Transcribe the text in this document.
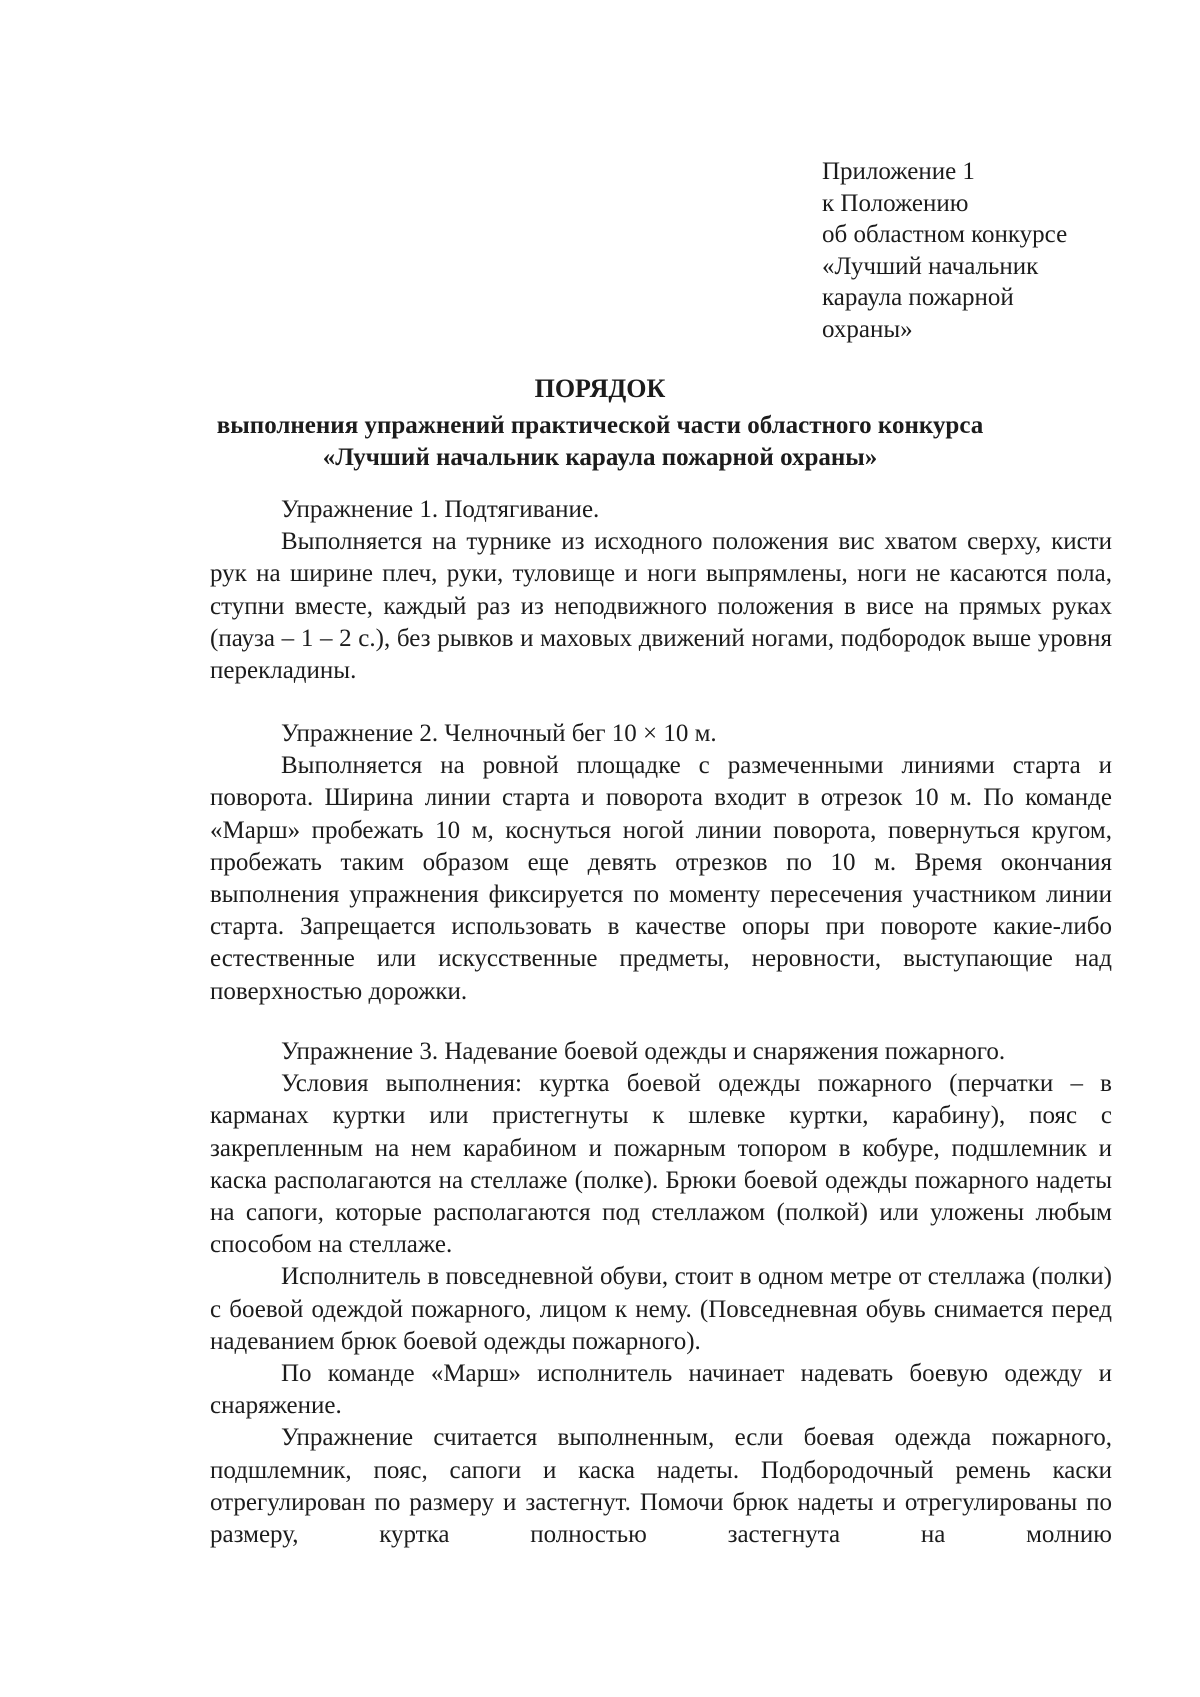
Приложение 1
к Положению
об областном конкурсе
«Лучший начальник
караула пожарной
охраны»
ПОРЯДОК
выполнения упражнений практической части областного конкурса
«Лучший начальник караула пожарной охраны»

Упражнение 1. Подтягивание.

Выполняется на турнике из исходного положения вис хватом сверху, кисти рук на ширине плеч, руки, туловище и ноги выпрямлены, ноги не касаются пола, ступни вместе, каждый раз из неподвижного положения в висе на прямых руках (пауза – 1 – 2 с.), без рывков и маховых движений ногами, подбородок выше уровня перекладины.

Упражнение 2. Челночный бег 10 × 10 м.

Выполняется на ровной площадке с размеченными линиями старта и поворота. Ширина линии старта и поворота входит в отрезок 10 м. По команде «Марш» пробежать 10 м, коснуться ногой линии поворота, повернуться кругом, пробежать таким образом еще девять отрезков по 10 м. Время окончания выполнения упражнения фиксируется по моменту пересечения участником линии старта. Запрещается использовать в качестве опоры при повороте какие-либо естественные или искусственные предметы, неровности, выступающие над поверхностью дорожки.

Упражнение 3. Надевание боевой одежды и снаряжения пожарного.

Условия выполнения: куртка боевой одежды пожарного (перчатки – в карманах куртки или пристегнуты к шлевке куртки, карабину), пояс с закрепленным на нем карабином и пожарным топором в кобуре, подшлемник и каска располагаются на стеллаже (полке). Брюки боевой одежды пожарного надеты на сапоги, которые располагаются под стеллажом (полкой) или уложены любым способом на стеллаже.

Исполнитель в повседневной обуви, стоит в одном метре от стеллажа (полки) с боевой одеждой пожарного, лицом к нему. (Повседневная обувь снимается перед надеванием брюк боевой одежды пожарного).

По команде «Марш» исполнитель начинает надевать боевую одежду и снаряжение.

Упражнение считается выполненным, если боевая одежда пожарного, подшлемник, пояс, сапоги и каска надеты. Подбородочный ремень каски отрегулирован по размеру и застегнут. Помочи брюк надеты и отрегулированы по размеру, куртка полностью застегнута на молнию
